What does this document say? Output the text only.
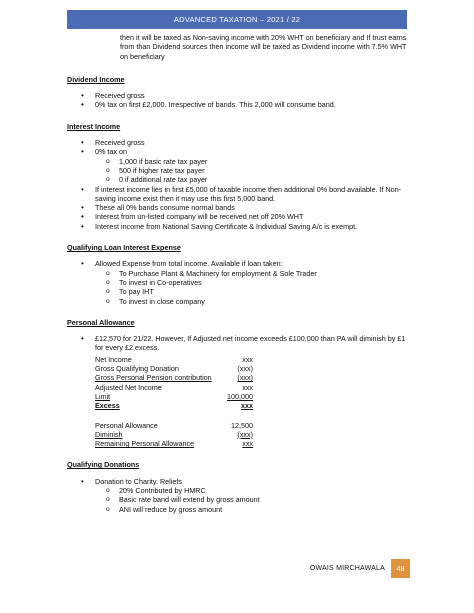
ADVANCED TAXATION – 2021 / 22

then it will be taxed as Non-saving income with 20% WHT on beneficiary and If trust earns from than Dividend sources then income will be taxed as Dividend income with 7.5% WHT on beneficiary

Dividend Income
• Received gross
• 0% tax on first £2,000. Irrespective of bands. This 2,000 will consume band.
Interest Income
• Received gross
• 0% tax on
o 1,000 if basic rate tax payer
o 500 if higher rate tax payer
o 0 if additional rate tax payer
• If interest income lies in first £5,000 of taxable income then additional 0% bond available. If Non-saving income exist then it may use this first 5,000 band.
• These all 0% bands consume normal bands
• Interest from un-listed company will be received net off 20% WHT
• Interest income from National Saving Certificate & Individual Saving A/c is exempt.
Qualifying Loan Interest Expense
• Allowed Expense from total income. Available if loan taken:
o To Purchase Plant & Machinery for employment & Sole Trader
o To invest in Co-operatives
o To pay IHT
o To invest in close company
Personal Allowance
• £12,570 for 21/22. However, If Adjusted net income exceeds £100,000 than PA will diminish by £1 for every £2 excess.
Net Income	xxx
Gross Qualifying Donation	(xxx)
Gross Personal Pension contribution	(xxx)
Adjusted Net Income	xxx
Limit	100,000
Excess	xxx
Personal Allowance	12,500
Diminish	(xxx)
Remaining Personal Allowance	xxx
Qualifying Donations
• Donation to Charity. Reliefs
o 20% Contributed by HMRC
o Basic rate band will extend by gross amount
o ANI will reduce by gross amount
OWAIS MIRCHAWALA	48
